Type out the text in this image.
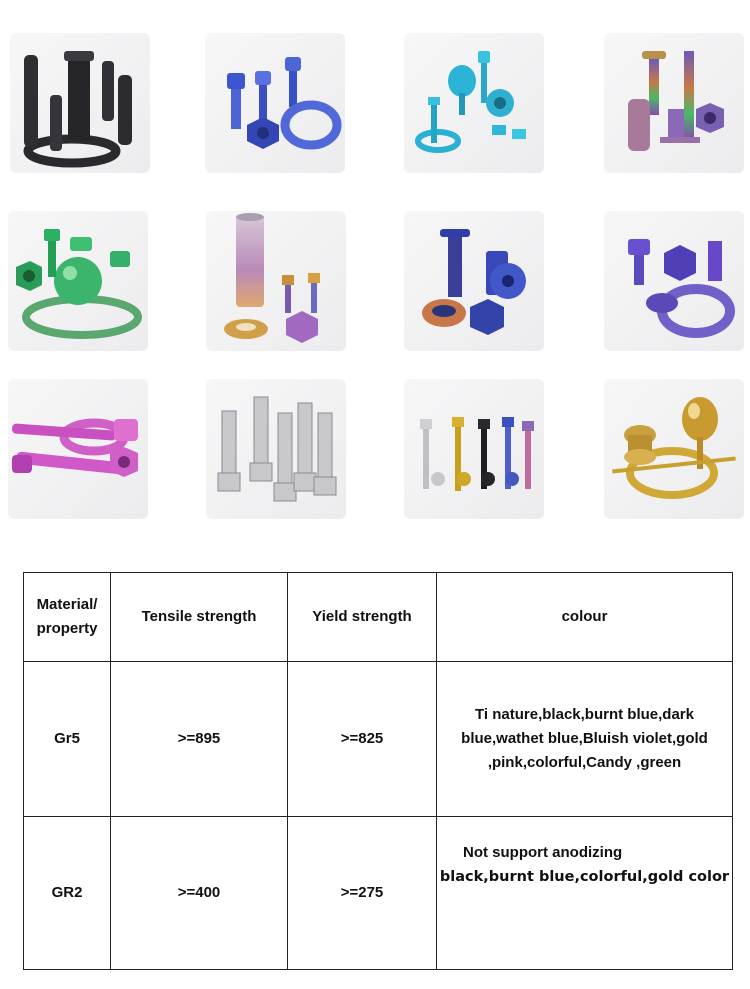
Material/
property	Tensile strength	Yield strength	colour
Gr5	>=895	>=825	Ti nature,black,burnt blue,dark blue,wathet blue,Bluish violet,gold ,pink,colorful,Candy ,green
GR2	>=400	>=275	Not support anodizing
black,burnt blue,colorful,gold color
